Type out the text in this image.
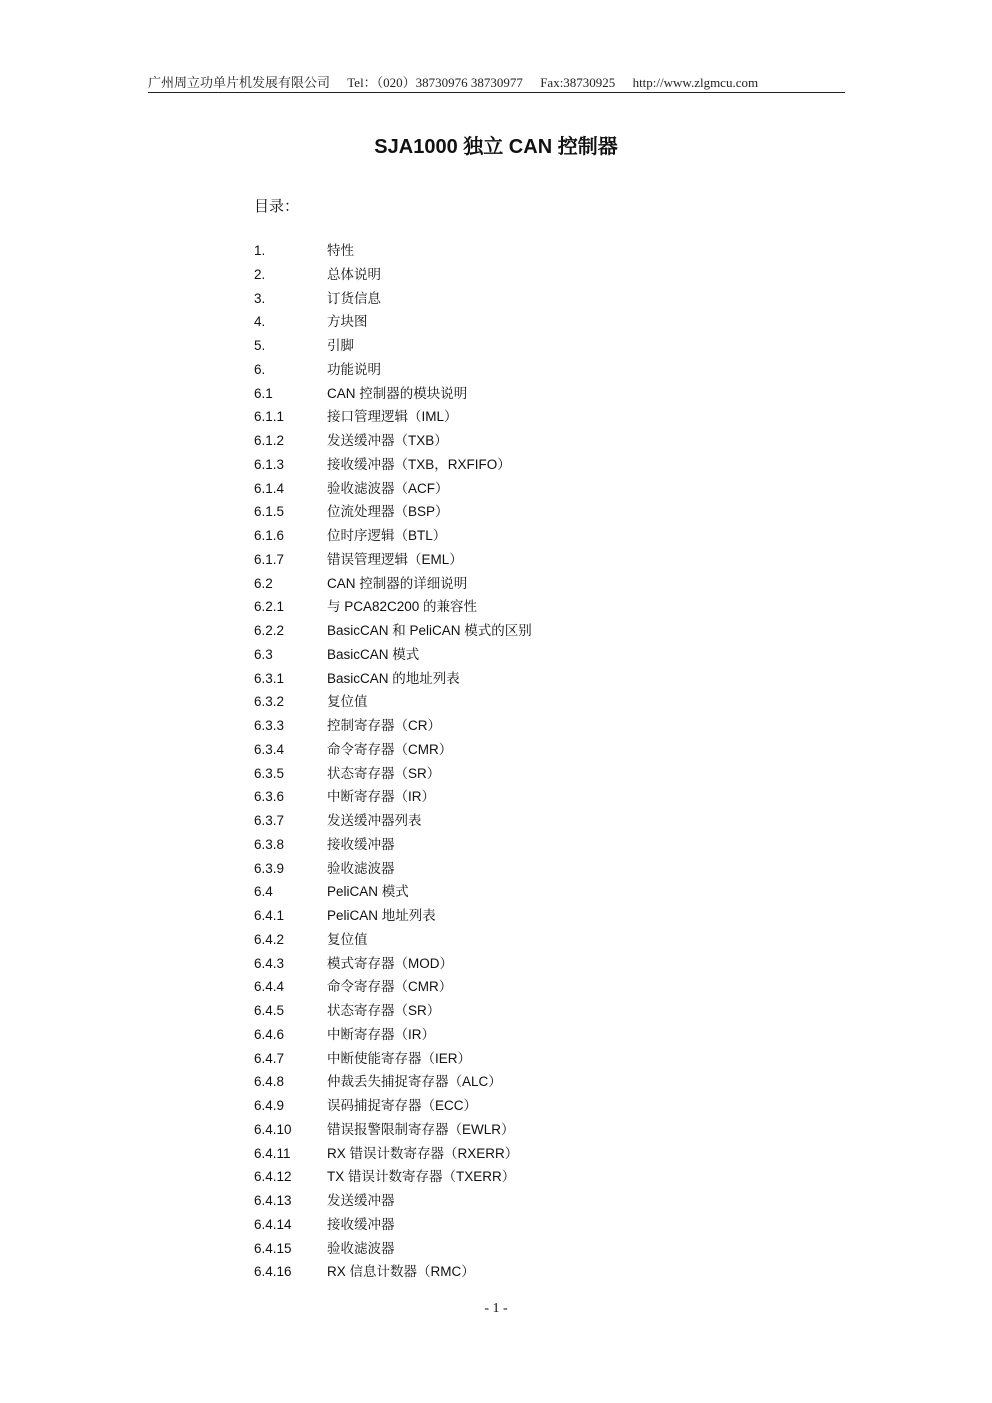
广州周立功单片机发展有限公司 Tel：（020）38730976 38730977 Fax:38730925 http://www.zlgmcu.com
SJA1000 独立 CAN 控制器
目录：
1.	特性
2.	总体说明
3.	订货信息
4.	方块图
5.	引脚
6.	功能说明
6.1	CAN 控制器的模块说明
6.1.1	接口管理逻辑（IML）
6.1.2	发送缓冲器（TXB）
6.1.3	接收缓冲器（TXB，RXFIFO）
6.1.4	验收滤波器（ACF）
6.1.5	位流处理器（BSP）
6.1.6	位时序逻辑（BTL）
6.1.7	错误管理逻辑（EML）
6.2	CAN 控制器的详细说明
6.2.1	与 PCA82C200 的兼容性
6.2.2	BasicCAN 和 PeliCAN 模式的区别
6.3	BasicCAN 模式
6.3.1	BasicCAN 的地址列表
6.3.2	复位值
6.3.3	控制寄存器（CR）
6.3.4	命令寄存器（CMR）
6.3.5	状态寄存器（SR）
6.3.6	中断寄存器（IR）
6.3.7	发送缓冲器列表
6.3.8	接收缓冲器
6.3.9	验收滤波器
6.4	PeliCAN 模式
6.4.1	PeliCAN 地址列表
6.4.2	复位值
6.4.3	模式寄存器（MOD）
6.4.4	命令寄存器（CMR）
6.4.5	状态寄存器（SR）
6.4.6	中断寄存器（IR）
6.4.7	中断使能寄存器（IER）
6.4.8	仲裁丢失捕捉寄存器（ALC）
6.4.9	误码捕捉寄存器（ECC）
6.4.10	错误报警限制寄存器（EWLR）
6.4.11	RX 错误计数寄存器（RXERR）
6.4.12	TX 错误计数寄存器（TXERR）
6.4.13	发送缓冲器
6.4.14	接收缓冲器
6.4.15	验收滤波器
6.4.16	RX 信息计数器（RMC）
- 1 -
